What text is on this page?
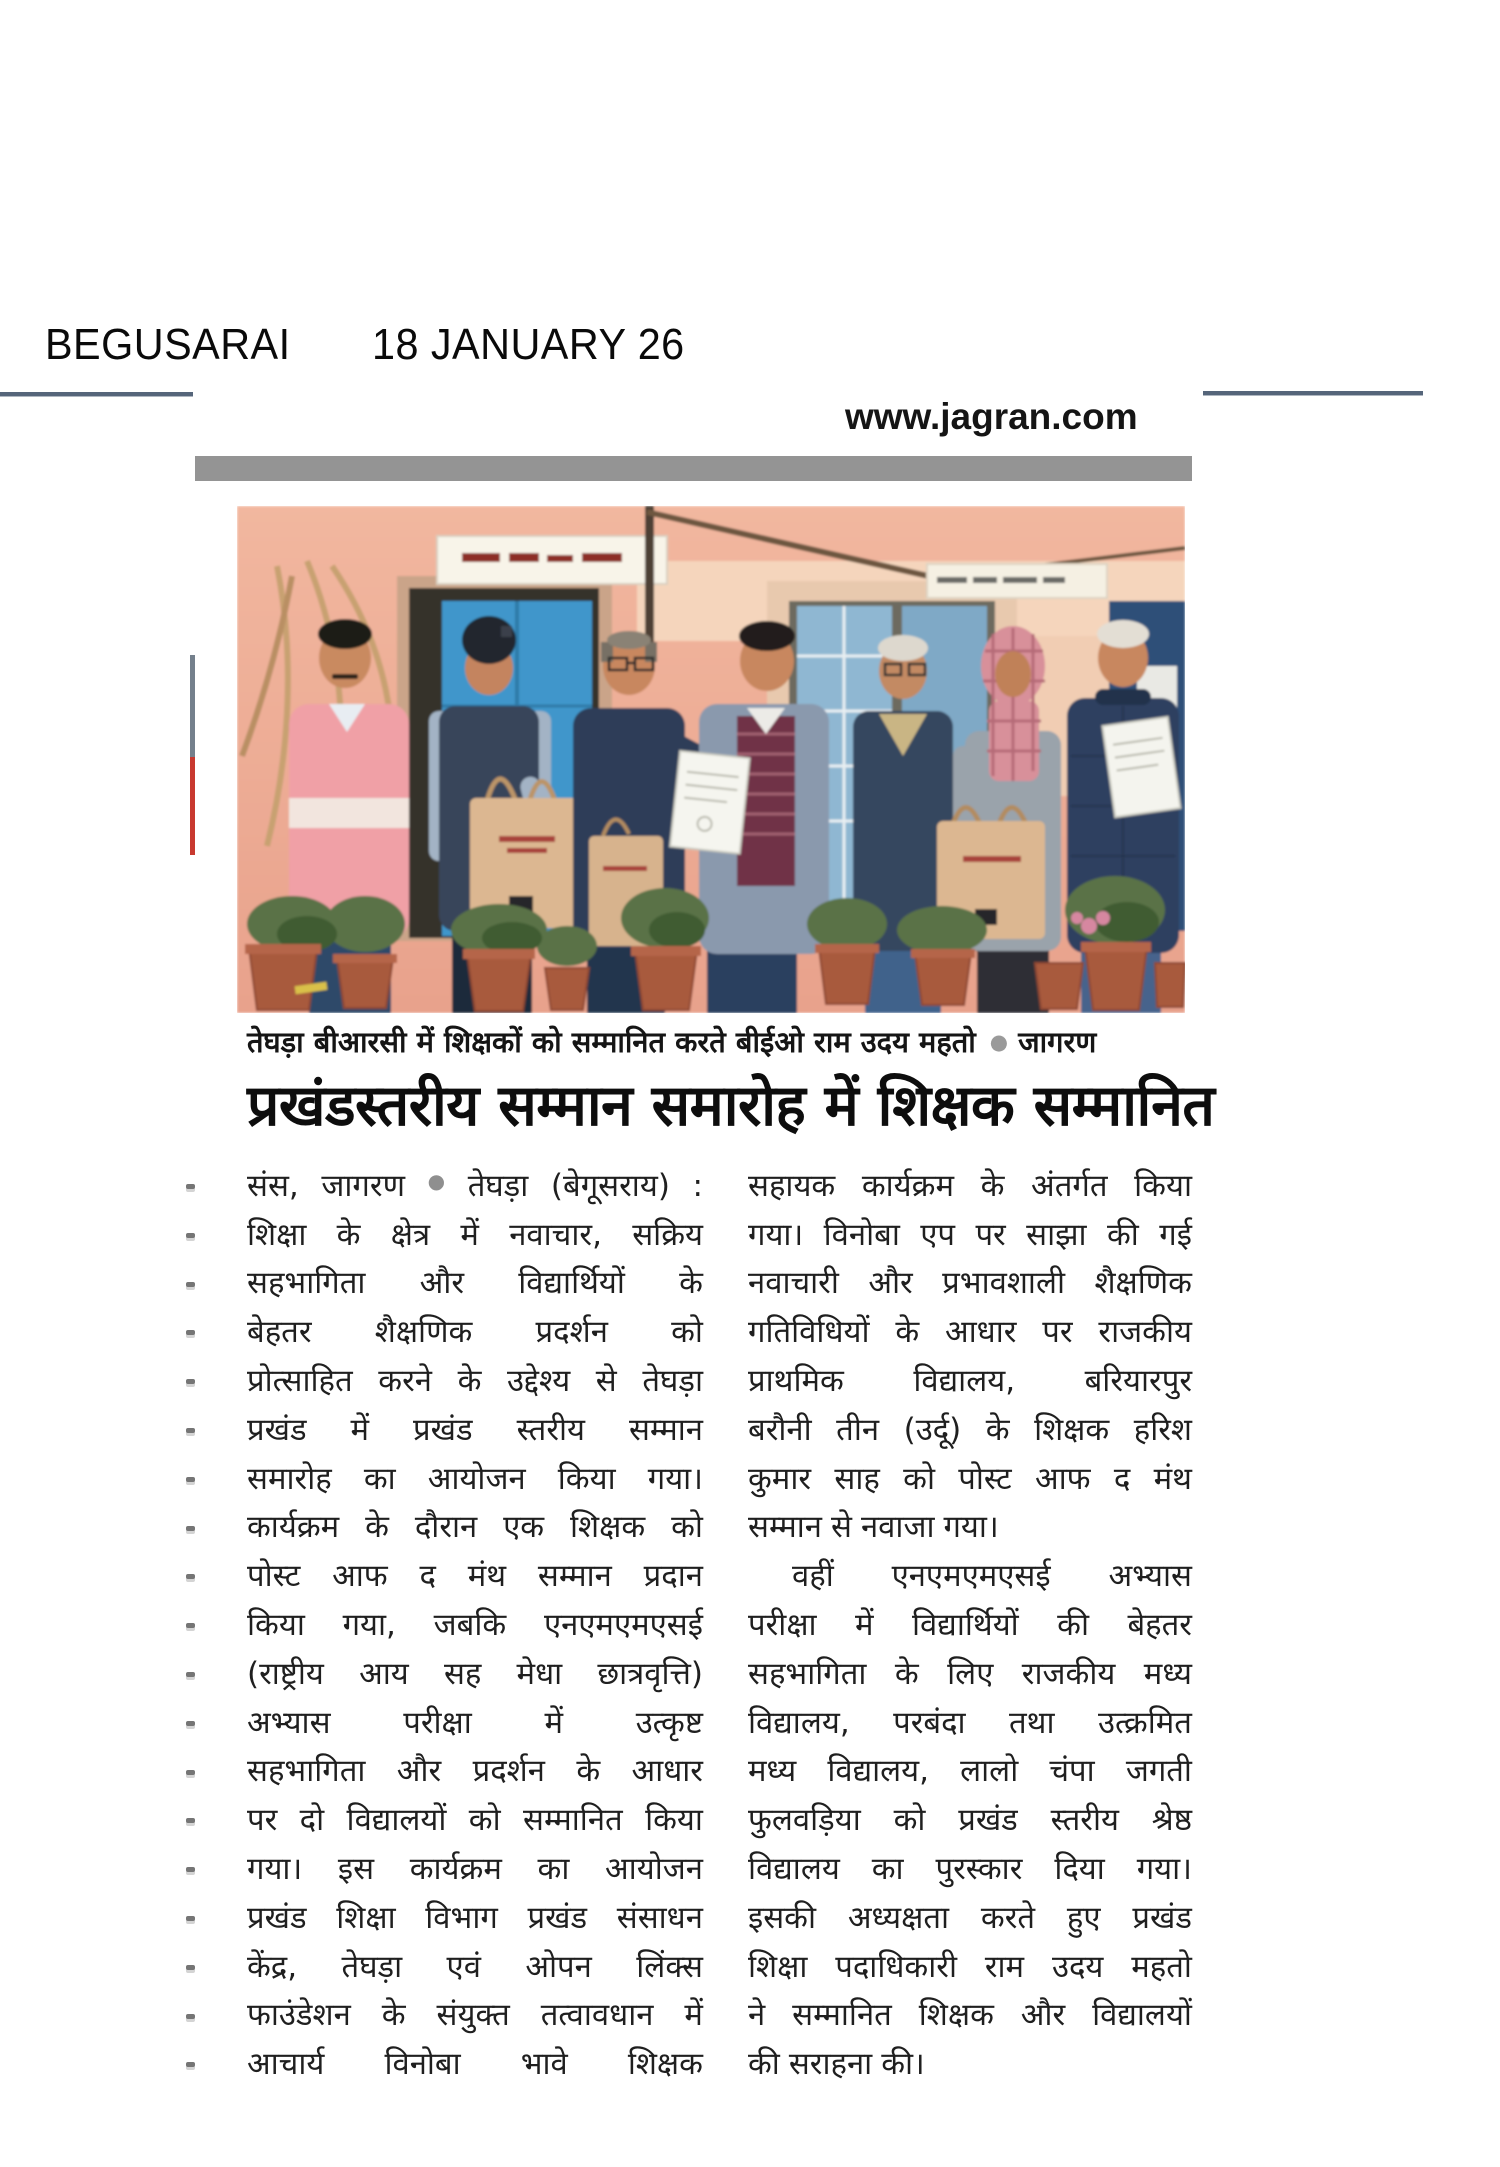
BEGUSARAI 18 JANUARY 26
www.jagran.com
तेघड़ा बीआरसी में शिक्षकों को सम्मानित करते बीईओ राम उदय महतो ● जागरण
प्रखंडस्तरीय सम्मान समारोह में शिक्षक सम्मानित
संस, जागरण ● तेघड़ा (बेगूसराय) :
शिक्षा के क्षेत्र में नवाचार, सक्रिय
सहभागिता और विद्यार्थियों के
बेहतर शैक्षणिक प्रदर्शन को
प्रोत्साहित करने के उद्देश्य से तेघड़ा
प्रखंड में प्रखंड स्तरीय सम्मान
समारोह का आयोजन किया गया।
कार्यक्रम के दौरान एक शिक्षक को
पोस्ट आफ द मंथ सम्मान प्रदान
किया गया, जबकि एनएमएमएसई
(राष्ट्रीय आय सह मेधा छात्रवृत्ति)
अभ्यास परीक्षा में उत्कृष्ट
सहभागिता और प्रदर्शन के आधार
पर दो विद्यालयों को सम्मानित किया
गया। इस कार्यक्रम का आयोजन
प्रखंड शिक्षा विभाग प्रखंड संसाधन
केंद्र, तेघड़ा एवं ओपन लिंक्स
फाउंडेशन के संयुक्त तत्वावधान में
आचार्य विनोबा भावे शिक्षक
सहायक कार्यक्रम के अंतर्गत किया
गया। विनोबा एप पर साझा की गई
नवाचारी और प्रभावशाली शैक्षणिक
गतिविधियों के आधार पर राजकीय
प्राथमिक विद्यालय, बरियारपुर
बरौनी तीन (उर्दू) के शिक्षक हरिश
कुमार साह को पोस्ट आफ द मंथ
सम्मान से नवाजा गया।
वहीं एनएमएमएसई अभ्यास
परीक्षा में विद्यार्थियों की बेहतर
सहभागिता के लिए राजकीय मध्य
विद्यालय, परबंदा तथा उत्क्रमित
मध्य विद्यालय, लालो चंपा जगती
फुलवड़िया को प्रखंड स्तरीय श्रेष्ठ
विद्यालय का पुरस्कार दिया गया।
इसकी अध्यक्षता करते हुए प्रखंड
शिक्षा पदाधिकारी राम उदय महतो
ने सम्मानित शिक्षक और विद्यालयों
की सराहना की।
